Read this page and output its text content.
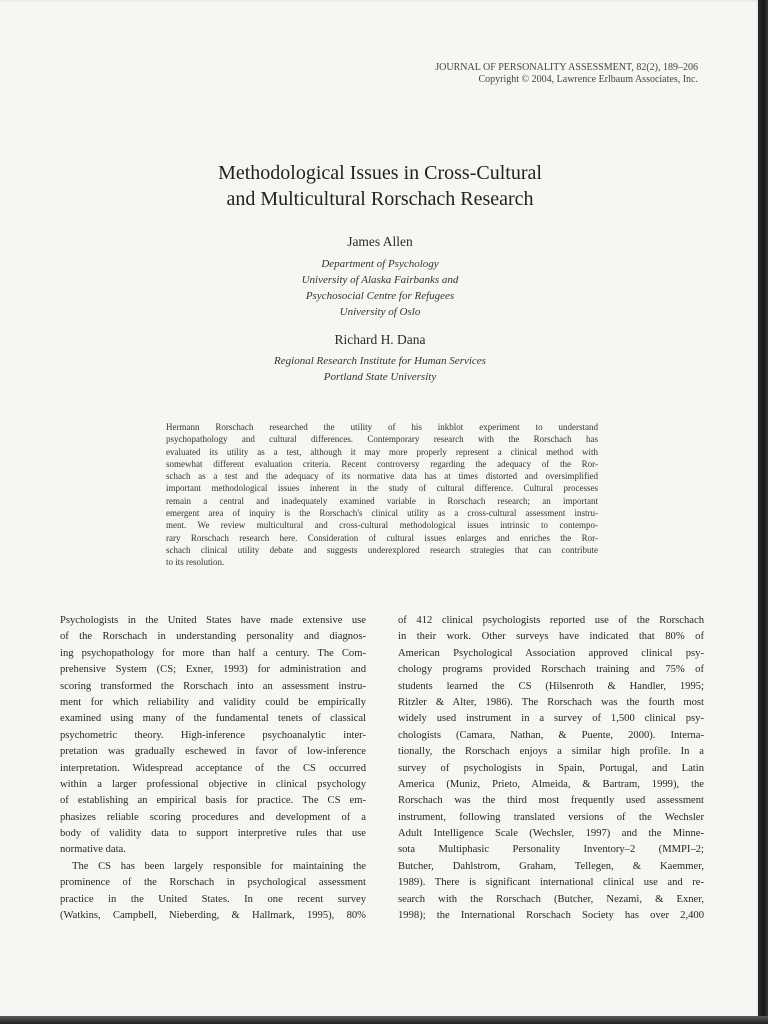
JOURNAL OF PERSONALITY ASSESSMENT, 82(2), 189–206
Copyright © 2004, Lawrence Erlbaum Associates, Inc.
Methodological Issues in Cross-Cultural
and Multicultural Rorschach Research
James Allen
Department of Psychology
University of Alaska Fairbanks and
Psychosocial Centre for Refugees
University of Oslo
Richard H. Dana
Regional Research Institute for Human Services
Portland State University
Hermann Rorschach researched the utility of his inkblot experiment to understand
psychopathology and cultural differences. Contemporary research with the Rorschach has
evaluated its utility as a test, although it may more properly represent a clinical method with
somewhat different evaluation criteria. Recent controversy regarding the adequacy of the Ror-
schach as a test and the adequacy of its normative data has at times distorted and oversimplified
important methodological issues inherent in the study of cultural difference. Cultural processes
remain a central and inadequately examined variable in Rorschach research; an important
emergent area of inquiry is the Rorschach's clinical utility as a cross-cultural assessment instru-
ment. We review multicultural and cross-cultural methodological issues intrinsic to contempo-
rary Rorschach research here. Consideration of cultural issues enlarges and enriches the Ror-
schach clinical utility debate and suggests underexplored research strategies that can contribute
to its resolution.
Psychologists in the United States have made extensive use
of the Rorschach in understanding personality and diagnos-
ing psychopathology for more than half a century. The Com-
prehensive System (CS; Exner, 1993) for administration and
scoring transformed the Rorschach into an assessment instru-
ment for which reliability and validity could be empirically
examined using many of the fundamental tenets of classical
psychometric theory. High-inference psychoanalytic inter-
pretation was gradually eschewed in favor of low-inference
interpretation. Widespread acceptance of the CS occurred
within a larger professional objective in clinical psychology
of establishing an empirical basis for practice. The CS em-
phasizes reliable scoring procedures and development of a
body of validity data to support interpretive rules that use
normative data.
The CS has been largely responsible for maintaining the
prominence of the Rorschach in psychological assessment
practice in the United States. In one recent survey
(Watkins, Campbell, Nieberding, & Hallmark, 1995), 80%
of 412 clinical psychologists reported use of the Rorschach
in their work. Other surveys have indicated that 80% of
American Psychological Association approved clinical psy-
chology programs provided Rorschach training and 75% of
students learned the CS (Hilsenroth & Handler, 1995;
Ritzler & Alter, 1986). The Rorschach was the fourth most
widely used instrument in a survey of 1,500 clinical psy-
chologists (Camara, Nathan, & Puente, 2000). Interna-
tionally, the Rorschach enjoys a similar high profile. In a
survey of psychologists in Spain, Portugal, and Latin
America (Muniz, Prieto, Almeida, & Bartram, 1999), the
Rorschach was the third most frequently used assessment
instrument, following translated versions of the Wechsler
Adult Intelligence Scale (Wechsler, 1997) and the Minne-
sota Multiphasic Personality Inventory–2 (MMPI–2;
Butcher, Dahlstrom, Graham, Tellegen, & Kaemmer,
1989). There is significant international clinical use and re-
search with the Rorschach (Butcher, Nezami, & Exner,
1998); the International Rorschach Society has over 2,400
